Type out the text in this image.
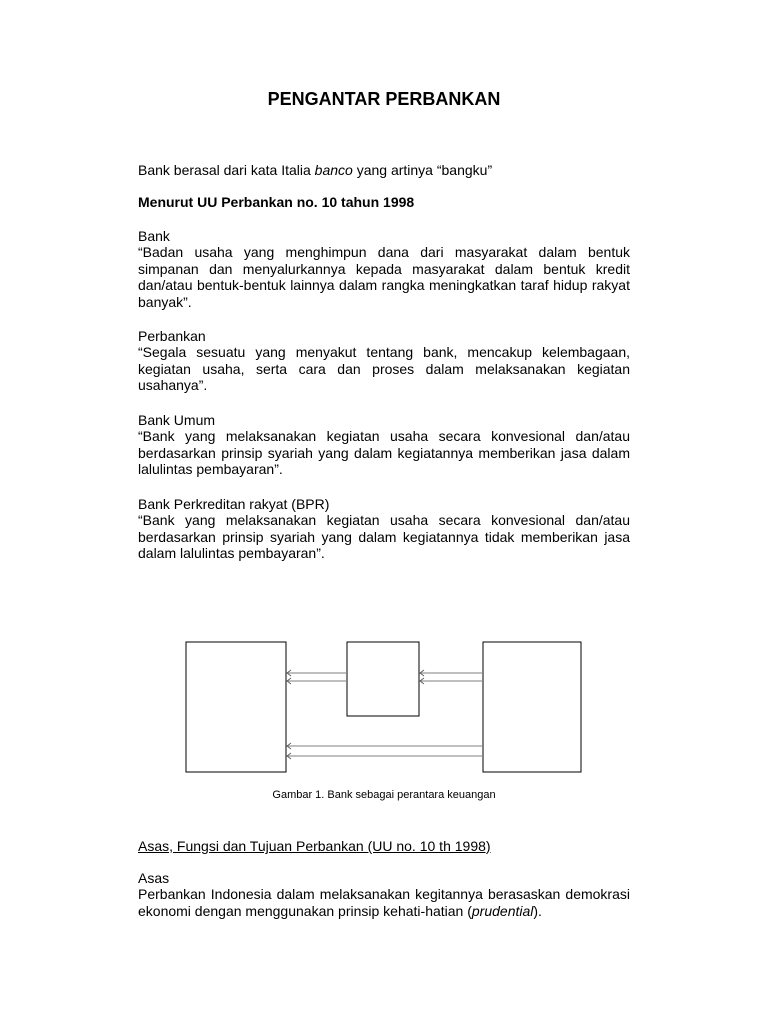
PENGANTAR PERBANKAN
Bank berasal dari kata Italia banco yang artinya “bangku”
Menurut UU Perbankan no. 10 tahun 1998
Bank
“Badan usaha yang menghimpun dana dari masyarakat dalam bentuk simpanan dan menyalurkannya kepada masyarakat dalam bentuk kredit dan/atau bentuk-bentuk lainnya dalam rangka meningkatkan taraf hidup rakyat banyak”.
Perbankan
“Segala sesuatu yang menyakut tentang bank, mencakup kelembagaan, kegiatan usaha, serta cara dan proses dalam melaksanakan kegiatan usahanya”.
Bank Umum
“Bank yang melaksanakan kegiatan usaha secara konvesional dan/atau berdasarkan prinsip syariah yang dalam kegiatannya memberikan jasa dalam lalulintas pembayaran”.
Bank Perkreditan rakyat (BPR)
“Bank yang melaksanakan kegiatan usaha secara konvesional dan/atau berdasarkan prinsip syariah yang dalam kegiatannya tidak memberikan jasa dalam lalulintas pembayaran”.
Gambar 1. Bank sebagai perantara keuangan
Asas, Fungsi dan Tujuan Perbankan (UU no. 10 th 1998)
Asas
Perbankan Indonesia dalam melaksanakan kegitannya berasaskan demokrasi ekonomi dengan menggunakan prinsip kehati-hatian (prudential).
